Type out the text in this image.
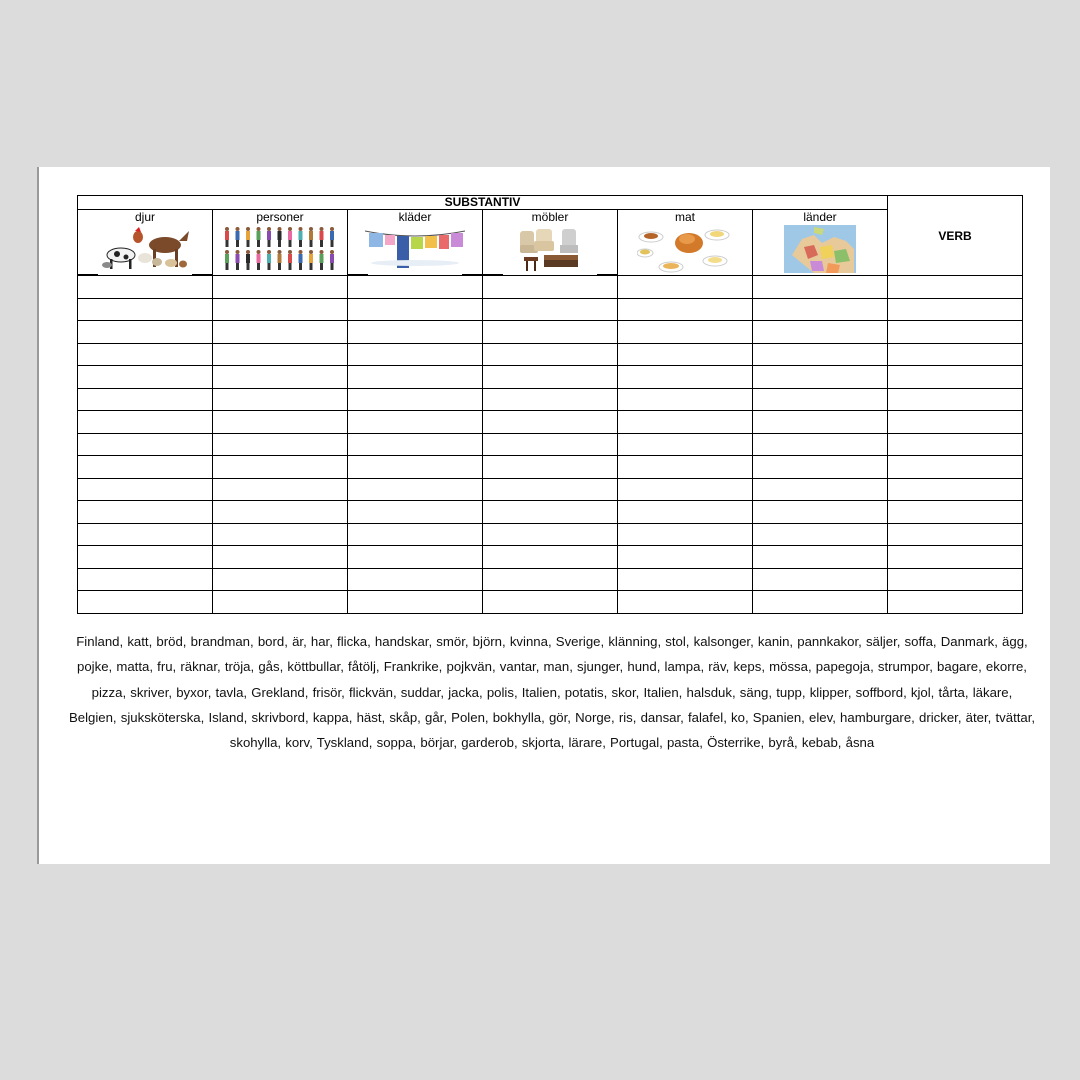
SUBSTANTIV						VERB

djur	personer	kläder	möbler	mat	länder	

Finland, katt, bröd, brandman, bord, är, har, flicka, handskar, smör, björn, kvinna, Sverige, klänning, stol, kalsonger, kanin, pannkakor, säljer, soffa, Danmark, ägg, pojke, matta, fru, räknar, tröja, gås, köttbullar, fåtölj, Frankrike, pojkvän, vantar, man, sjunger, hund, lampa, räv, keps, mössa, papegoja, strumpor, bagare, ekorre, pizza, skriver, byxor, tavla, Grekland, frisör, flickvän, suddar, jacka, polis, Italien, potatis, skor, Italien, halsduk, säng, tupp, klipper, soffbord, kjol, tårta, läkare, Belgien, sjuksköterska, Island, skrivbord, kappa, häst, skåp, går, Polen, bokhylla, gör, Norge, ris, dansar, falafel, ko, Spanien, elev, hamburgare, dricker, äter, tvättar, skohylla, korv, Tyskland, soppa, börjar, garderob, skjorta, lärare, Portugal, pasta, Österrike, byrå, kebab, åsna
